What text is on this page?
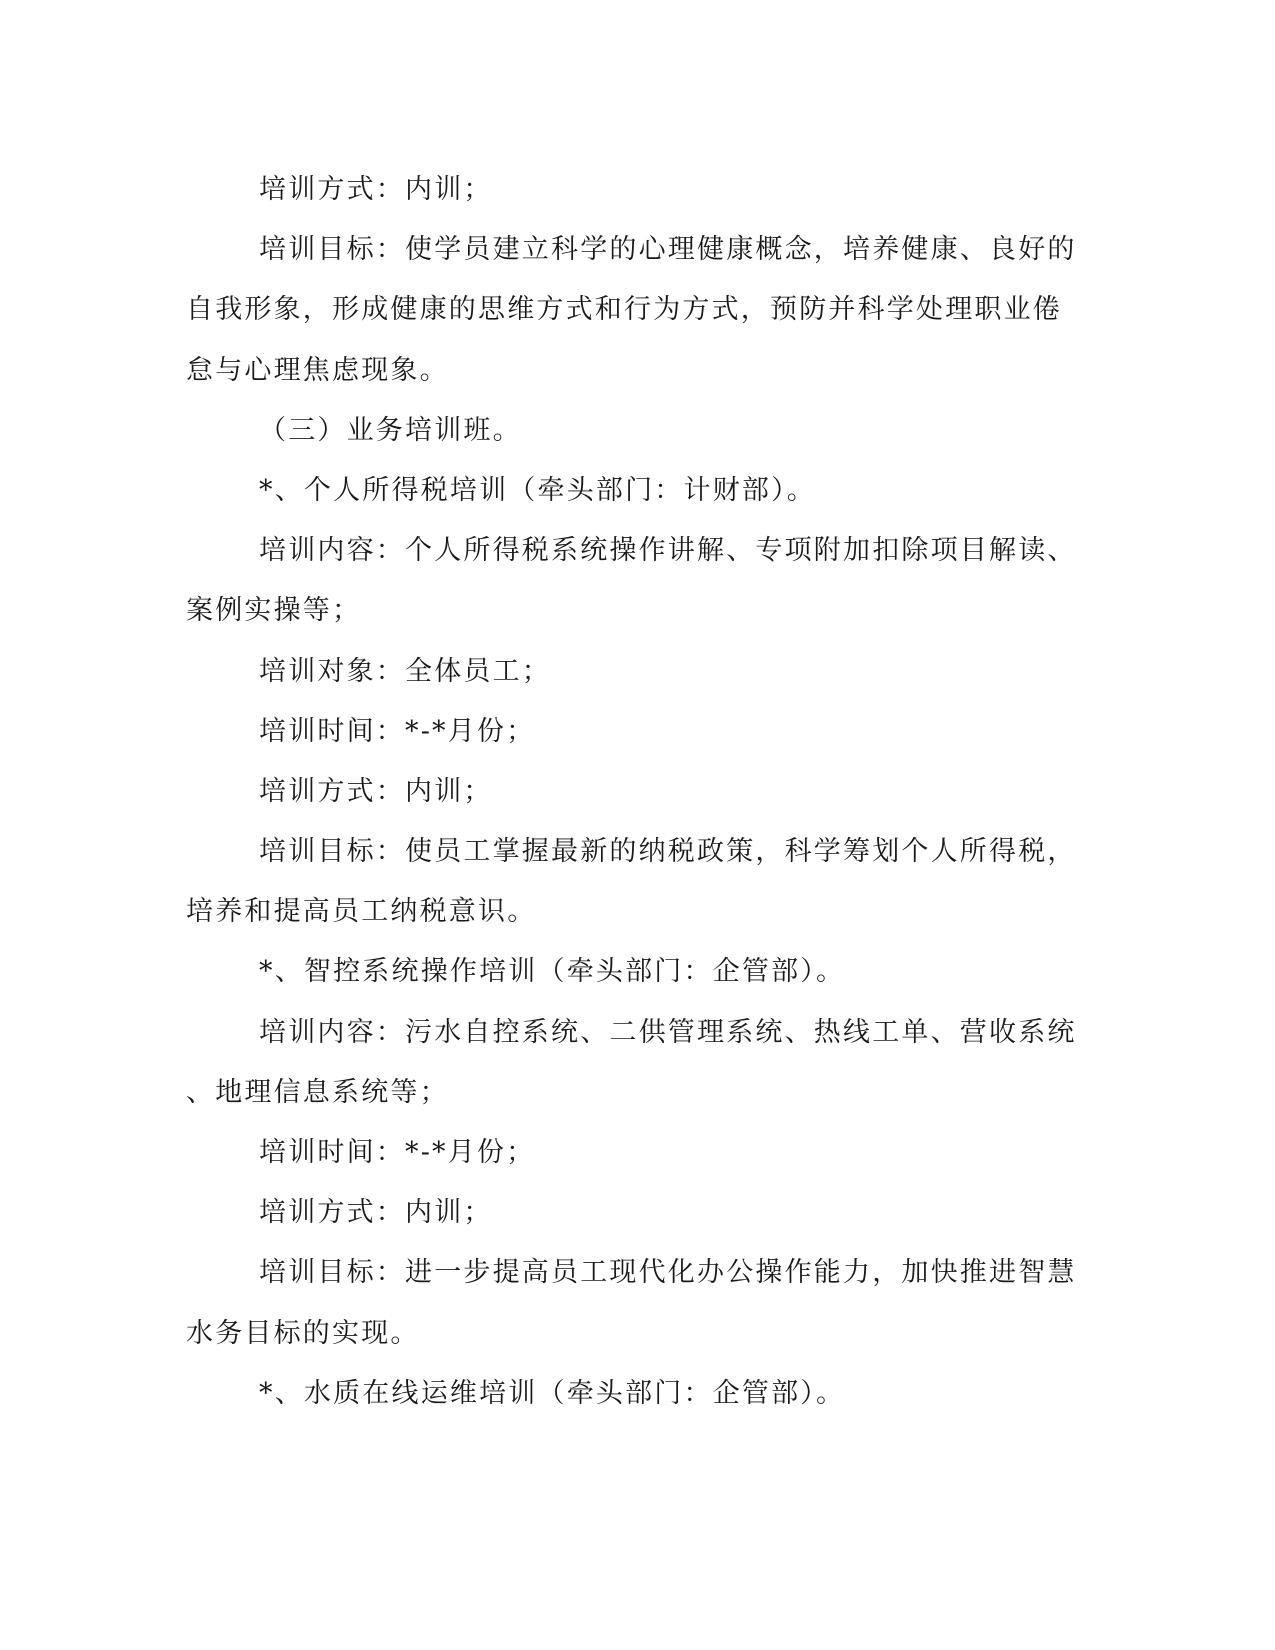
培训方式：内训；

培训目标：使学员建立科学的心理健康概念，培养健康、良好的

自我形象，形成健康的思维方式和行为方式，预防并科学处理职业倦

怠与心理焦虑现象。

（三）业务培训班。

*、个人所得税培训（牵头部门：计财部）。

培训内容：个人所得税系统操作讲解、专项附加扣除项目解读、

案例实操等；

培训对象：全体员工；

培训时间：*-*月份；

培训方式：内训；

培训目标：使员工掌握最新的纳税政策，科学筹划个人所得税，

培养和提高员工纳税意识。

*、智控系统操作培训（牵头部门：企管部）。

培训内容：污水自控系统、二供管理系统、热线工单、营收系统

、地理信息系统等；

培训时间：*-*月份；

培训方式：内训；

培训目标：进一步提高员工现代化办公操作能力，加快推进智慧

水务目标的实现。

*、水质在线运维培训（牵头部门：企管部）。
